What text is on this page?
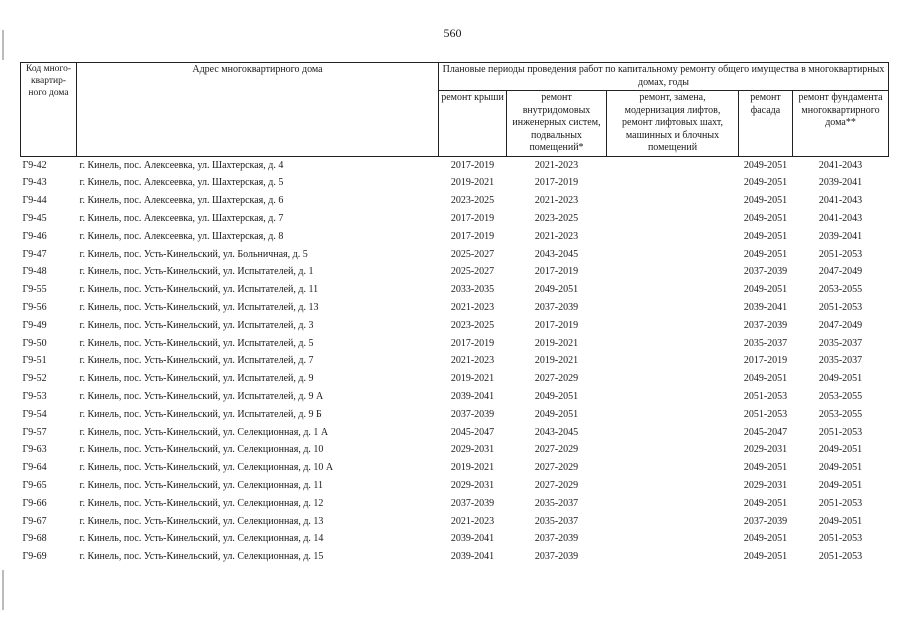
560
Код много-квартир-ного дома	Адрес многоквартирного дома	Плановые периоды проведения работ по капитальному ремонту общего имущества в многоквартирных домах, годы				
		ремонт крыши	ремонт внутридомовых инженерных систем, подвальных помещений*	ремонт, замена, модернизация лифтов, ремонт лифтовых шахт, машинных и блочных помещений	ремонт фасада	ремонт фундамента многоквартирного дома**
Г9-42	г. Кинель, пос. Алексеевка, ул. Шахтерская, д. 4	2017-2019	2021-2023		2049-2051	2041-2043
Г9-43	г. Кинель, пос. Алексеевка, ул. Шахтерская, д. 5	2019-2021	2017-2019		2049-2051	2039-2041
Г9-44	г. Кинель, пос. Алексеевка, ул. Шахтерская, д. 6	2023-2025	2021-2023		2049-2051	2041-2043
Г9-45	г. Кинель, пос. Алексеевка, ул. Шахтерская, д. 7	2017-2019	2023-2025		2049-2051	2041-2043
Г9-46	г. Кинель, пос. Алексеевка, ул. Шахтерская, д. 8	2017-2019	2021-2023		2049-2051	2039-2041
Г9-47	г. Кинель, пос. Усть-Кинельский, ул. Больничная, д. 5	2025-2027	2043-2045		2049-2051	2051-2053
Г9-48	г. Кинель, пос. Усть-Кинельский, ул. Испытателей, д. 1	2025-2027	2017-2019		2037-2039	2047-2049
Г9-55	г. Кинель, пос. Усть-Кинельский, ул. Испытателей, д. 11	2033-2035	2049-2051		2049-2051	2053-2055
Г9-56	г. Кинель, пос. Усть-Кинельский, ул. Испытателей, д. 13	2021-2023	2037-2039		2039-2041	2051-2053
Г9-49	г. Кинель, пос. Усть-Кинельский, ул. Испытателей, д. 3	2023-2025	2017-2019		2037-2039	2047-2049
Г9-50	г. Кинель, пос. Усть-Кинельский, ул. Испытателей, д. 5	2017-2019	2019-2021		2035-2037	2035-2037
Г9-51	г. Кинель, пос. Усть-Кинельский, ул. Испытателей, д. 7	2021-2023	2019-2021		2017-2019	2035-2037
Г9-52	г. Кинель, пос. Усть-Кинельский, ул. Испытателей, д. 9	2019-2021	2027-2029		2049-2051	2049-2051
Г9-53	г. Кинель, пос. Усть-Кинельский, ул. Испытателей, д. 9 А	2039-2041	2049-2051		2051-2053	2053-2055
Г9-54	г. Кинель, пос. Усть-Кинельский, ул. Испытателей, д. 9 Б	2037-2039	2049-2051		2051-2053	2053-2055
Г9-57	г. Кинель, пос. Усть-Кинельский, ул. Селекционная, д. 1 А	2045-2047	2043-2045		2045-2047	2051-2053
Г9-63	г. Кинель, пос. Усть-Кинельский, ул. Селекционная, д. 10	2029-2031	2027-2029		2029-2031	2049-2051
Г9-64	г. Кинель, пос. Усть-Кинельский, ул. Селекционная, д. 10 А	2019-2021	2027-2029		2049-2051	2049-2051
Г9-65	г. Кинель, пос. Усть-Кинельский, ул. Селекционная, д. 11	2029-2031	2027-2029		2029-2031	2049-2051
Г9-66	г. Кинель, пос. Усть-Кинельский, ул. Селекционная, д. 12	2037-2039	2035-2037		2049-2051	2051-2053
Г9-67	г. Кинель, пос. Усть-Кинельский, ул. Селекционная, д. 13	2021-2023	2035-2037		2037-2039	2049-2051
Г9-68	г. Кинель, пос. Усть-Кинельский, ул. Селекционная, д. 14	2039-2041	2037-2039		2049-2051	2051-2053
Г9-69	г. Кинель, пос. Усть-Кинельский, ул. Селекционная, д. 15	2039-2041	2037-2039		2049-2051	2051-2053
